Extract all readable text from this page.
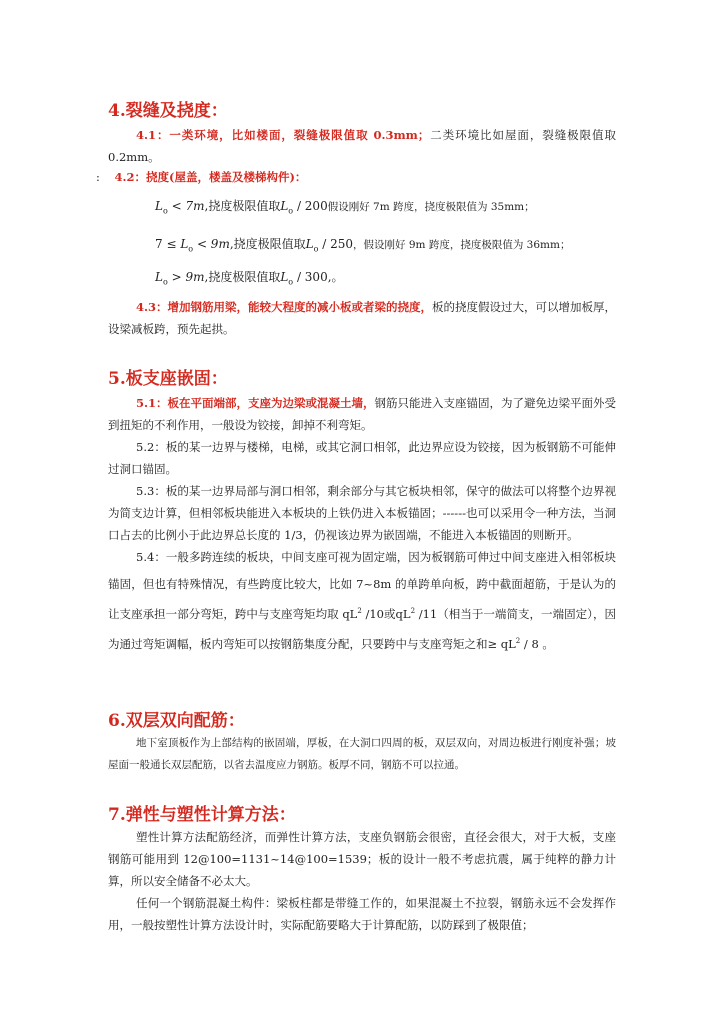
4.裂缝及挠度：
4.1：一类环境，比如楼面，裂缝极限值取 0.3mm；二类环境比如屋面，裂缝极限值取 0.2mm。
: 4.2：挠度(屋盖，楼盖及楼梯构件)：
$L_o < 7m$,挠度极限值取$L_o / 200$假设刚好 7m 跨度，挠度极限值为 35mm；
$7 \le L_o < 9m$,挠度极限值取$L_o / 250$，假设刚好 9m 跨度，挠度极限值为 36mm；
$L_o > 9m$,挠度极限值取$L_o / 300$,。
4.3：增加钢筋用梁，能较大程度的减小板或者梁的挠度，板的挠度假设过大，可以增加板厚，设梁减板跨，预先起拱。
5.板支座嵌固：
5.1：板在平面端部，支座为边梁或混凝土墙，钢筋只能进入支座锚固，为了避免边梁平面外受到扭矩的不利作用，一般设为铰接，卸掉不利弯矩。
5.2：板的某一边界与楼梯，电梯，或其它洞口相邻，此边界应设为铰接，因为板钢筋不可能伸过洞口锚固。
5.3：板的某一边界局部与洞口相邻，剩余部分与其它板块相邻，保守的做法可以将整个边界视为简支边计算，但相邻板块能进入本板块的上铁仍进入本板锚固；------也可以采用令一种方法，当洞口占去的比例小于此边界总长度的 1/3，仍视该边界为嵌固端，不能进入本板锚固的则断开。
5.4：一般多跨连续的板块，中间支座可视为固定端，因为板钢筋可伸过中间支座进入相邻板块锚固，但也有特殊情况，有些跨度比较大，比如 7~8m 的单跨单向板，跨中截面超筋，于是认为的让支座承担一部分弯矩，跨中与支座弯矩均取 $qL^2$ /10或$qL^2$ /11（相当于一端简支，一端固定），因为通过弯矩调幅，板内弯矩可以按钢筋集度分配，只要跨中与支座弯矩之和≥ $qL^2 / 8$ 。
6.双层双向配筋：
地下室顶板作为上部结构的嵌固端，厚板，在大洞口四周的板，双层双向，对周边板进行刚度补强；坡屋面一般通长双层配筋，以省去温度应力钢筋。板厚不同，钢筋不可以拉通。
7.弹性与塑性计算方法：
塑性计算方法配筋经济，而弹性计算方法，支座负钢筋会很密，直径会很大，对于大板，支座钢筋可能用到 12@100=1131~14@100=1539；板的设计一般不考虑抗震，属于纯粹的静力计算，所以安全储备不必太大。
任何一个钢筋混凝土构件：梁板柱都是带缝工作的，如果混凝土不拉裂，钢筋永远不会发挥作用，一般按塑性计算方法设计时，实际配筋要略大于计算配筋，以防踩到了极限值；
